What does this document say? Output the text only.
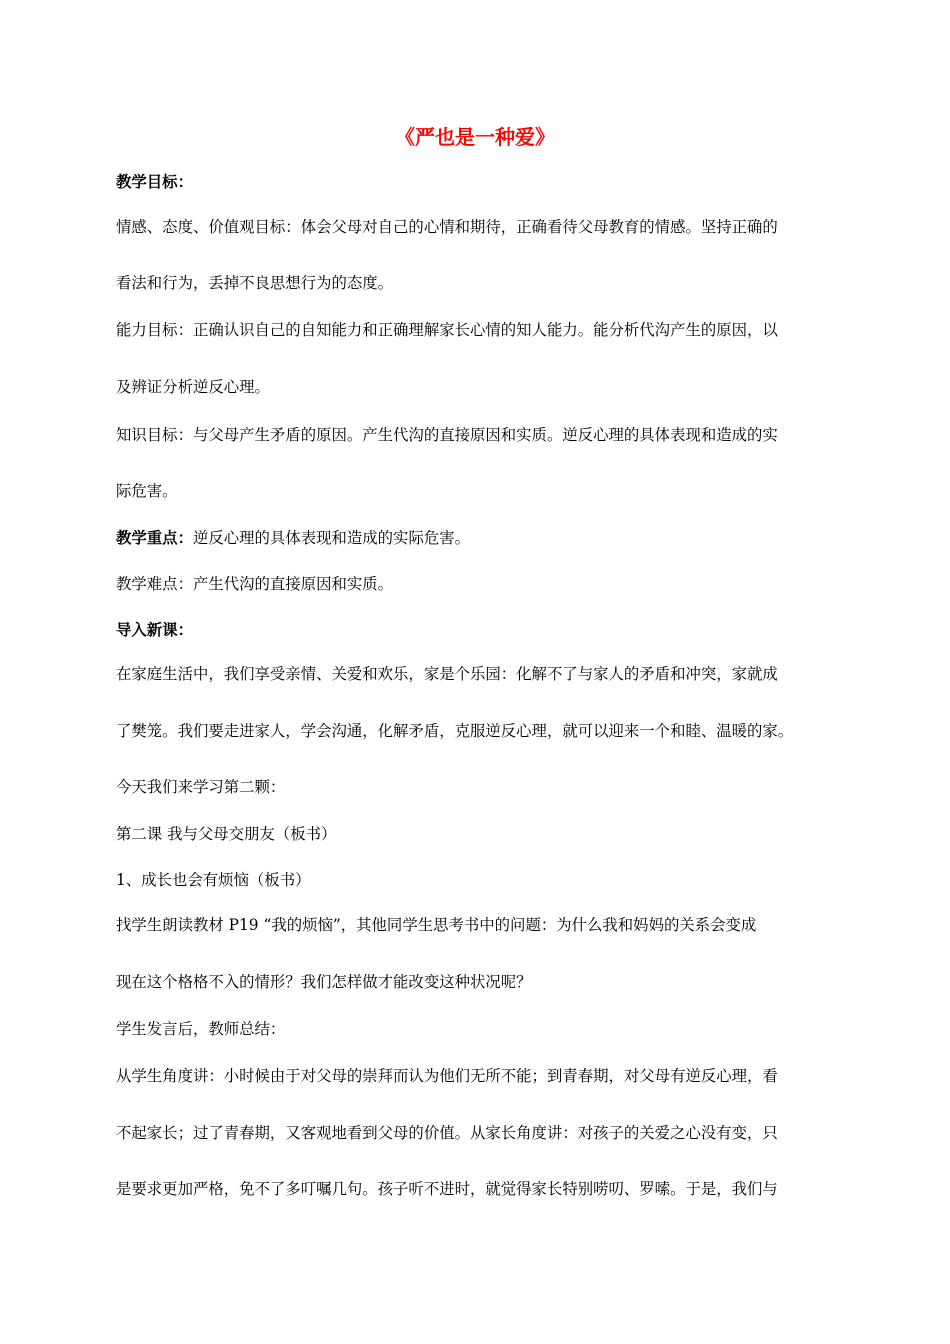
《严也是一种爱》
教学目标：
情感、态度、价值观目标：体会父母对自己的心情和期待，正确看待父母教育的情感。坚持正确的
看法和行为，丢掉不良思想行为的态度。
能力目标：正确认识自己的自知能力和正确理解家长心情的知人能力。能分析代沟产生的原因，以
及辨证分析逆反心理。
知识目标：与父母产生矛盾的原因。产生代沟的直接原因和实质。逆反心理的具体表现和造成的实
际危害。
教学重点：逆反心理的具体表现和造成的实际危害。
教学难点：产生代沟的直接原因和实质。
导入新课：
在家庭生活中，我们享受亲情、关爱和欢乐，家是个乐园：化解不了与家人的矛盾和冲突，家就成
了樊笼。我们要走进家人，学会沟通，化解矛盾，克服逆反心理，就可以迎来一个和睦、温暖的家。
今天我们来学习第二颗：
第二课 我与父母交朋友（板书）
1、成长也会有烦恼（板书）
找学生朗读教材 P19 “我的烦恼”，其他同学生思考书中的问题：为什么我和妈妈的关系会变成
现在这个格格不入的情形？我们怎样做才能改变这种状况呢？
学生发言后，教师总结：
从学生角度讲：小时候由于对父母的崇拜而认为他们无所不能；到青春期，对父母有逆反心理，看
不起家长；过了青春期，又客观地看到父母的价值。从家长角度讲：对孩子的关爱之心没有变，只
是要求更加严格，免不了多叮嘱几句。孩子听不进时，就觉得家长特别唠叨、罗嗦。于是，我们与
